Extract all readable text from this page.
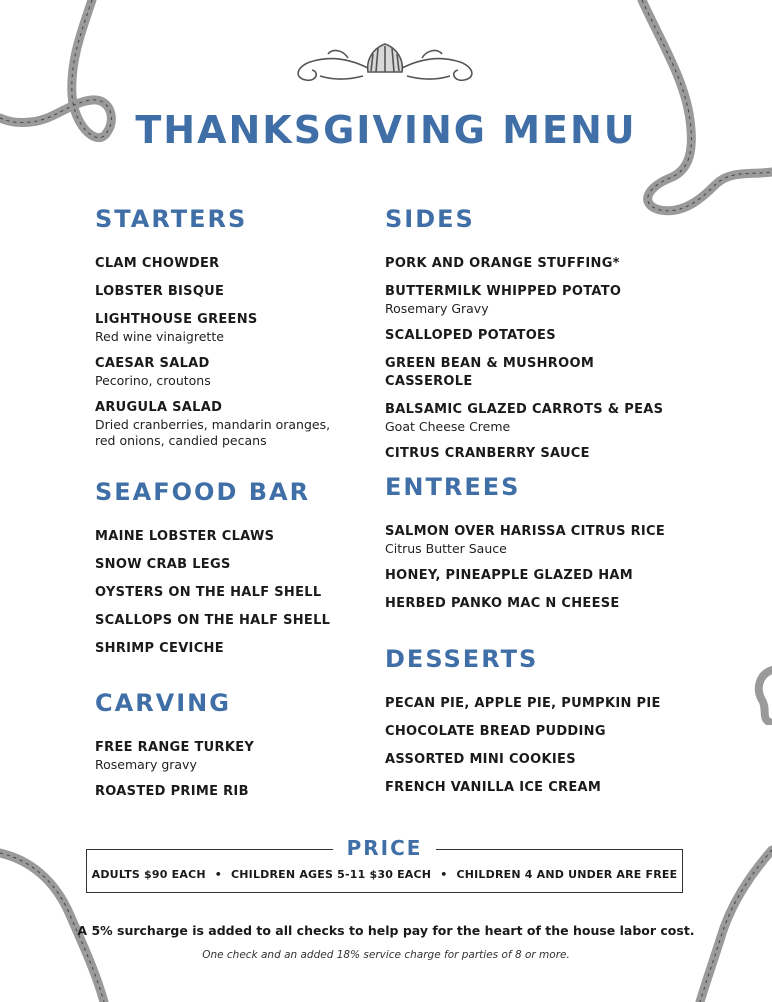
THANKSGIVING MENU
STARTERS
CLAM CHOWDER
LOBSTER BISQUE
LIGHTHOUSE GREENS
Red wine vinaigrette
CAESAR SALAD
Pecorino, croutons
ARUGULA SALAD
Dried cranberries, mandarin oranges, red onions, candied pecans
SEAFOOD BAR
MAINE LOBSTER CLAWS
SNOW CRAB LEGS
OYSTERS ON THE HALF SHELL
SCALLOPS ON THE HALF SHELL
SHRIMP CEVICHE
CARVING
FREE RANGE TURKEY
Rosemary gravy
ROASTED PRIME RIB
SIDES
PORK AND ORANGE STUFFING*
BUTTERMILK WHIPPED POTATO
Rosemary Gravy
SCALLOPED POTATOES
GREEN BEAN & MUSHROOM CASSEROLE
BALSAMIC GLAZED CARROTS & PEAS
Goat Cheese Creme
CITRUS CRANBERRY SAUCE
ENTREES
SALMON OVER HARISSA CITRUS RICE
Citrus Butter Sauce
HONEY, PINEAPPLE GLAZED HAM
HERBED PANKO MAC N CHEESE
DESSERTS
PECAN PIE, APPLE PIE, PUMPKIN PIE
CHOCOLATE BREAD PUDDING
ASSORTED MINI COOKIES
FRENCH VANILLA ICE CREAM
PRICE
ADULTS $90 EACH • CHILDREN AGES 5-11 $30 EACH • CHILDREN 4 AND UNDER ARE FREE
A 5% surcharge is added to all checks to help pay for the heart of the house labor cost.
One check and an added 18% service charge for parties of 8 or more.
